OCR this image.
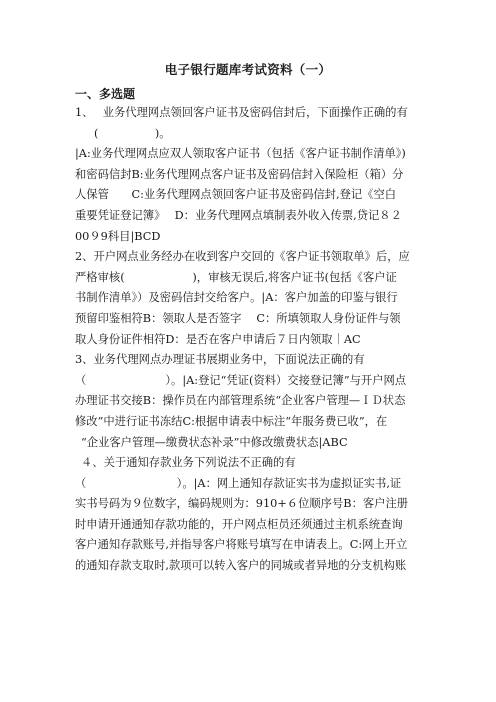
电子银行题库考试资料（一）
一、多选题
1、　 业务代理网点领回客户证书及密码信封后，下面操作正确的有
(　　　　　)。
|A:业务代理网点应双人领取客户证书（包括《客户证书制作清单》)
和密码信封B:业务代理网点客户证书及密码信封入保险柜（箱）分
人保管　　C:业务代理网点领回客户证书及密码信封,登记《空白
重要凭证登记簿》　 D：业务代理网点填制表外收入传票,贷记８２
00９9科目|BCD
2、开户网点业务经办在收到客户交回的《客户证书领取单》后，应
严格审核(　　　　　　)，审核无误后,将客户证书(包括《客户证
书制作清单》）及密码信封交给客户。|A：客户加盖的印鉴与银行
预留印鉴相符B：领取人是否签字　 C：所填领取人身份证件与领
取人身份证件相符D：是否在客户申请后７日内领取｜AC
3、业务代理网点办理证书展期业务中，下面说法正确的有
（　　　　　　　）。|A:登记“凭证(资料）交接登记簿”与开户网点
办理证书交接B：操作员在内部管理系统“企业客户管理—ＩＤ状态
修改”中进行证书冻结C:根据申请表中标注“年服务费已收”，在
“企业客户管理—缴费状态补录”中修改缴费状态|ABC
４、关于通知存款业务下列说法不正确的有
（　　　　　　　　）。|A：网上通知存款证实书为虚拟证实书,证
实书号码为９位数字，编码规则为：910+６位顺序号B：客户注册
时申请开通通知存款功能的，开户网点柜员还须通过主机系统查询
客户通知存款账号,并指导客户将账号填写在申请表上。C:网上开立
的通知存款支取时,款项可以转入客户的同城或者异地的分支机构账
